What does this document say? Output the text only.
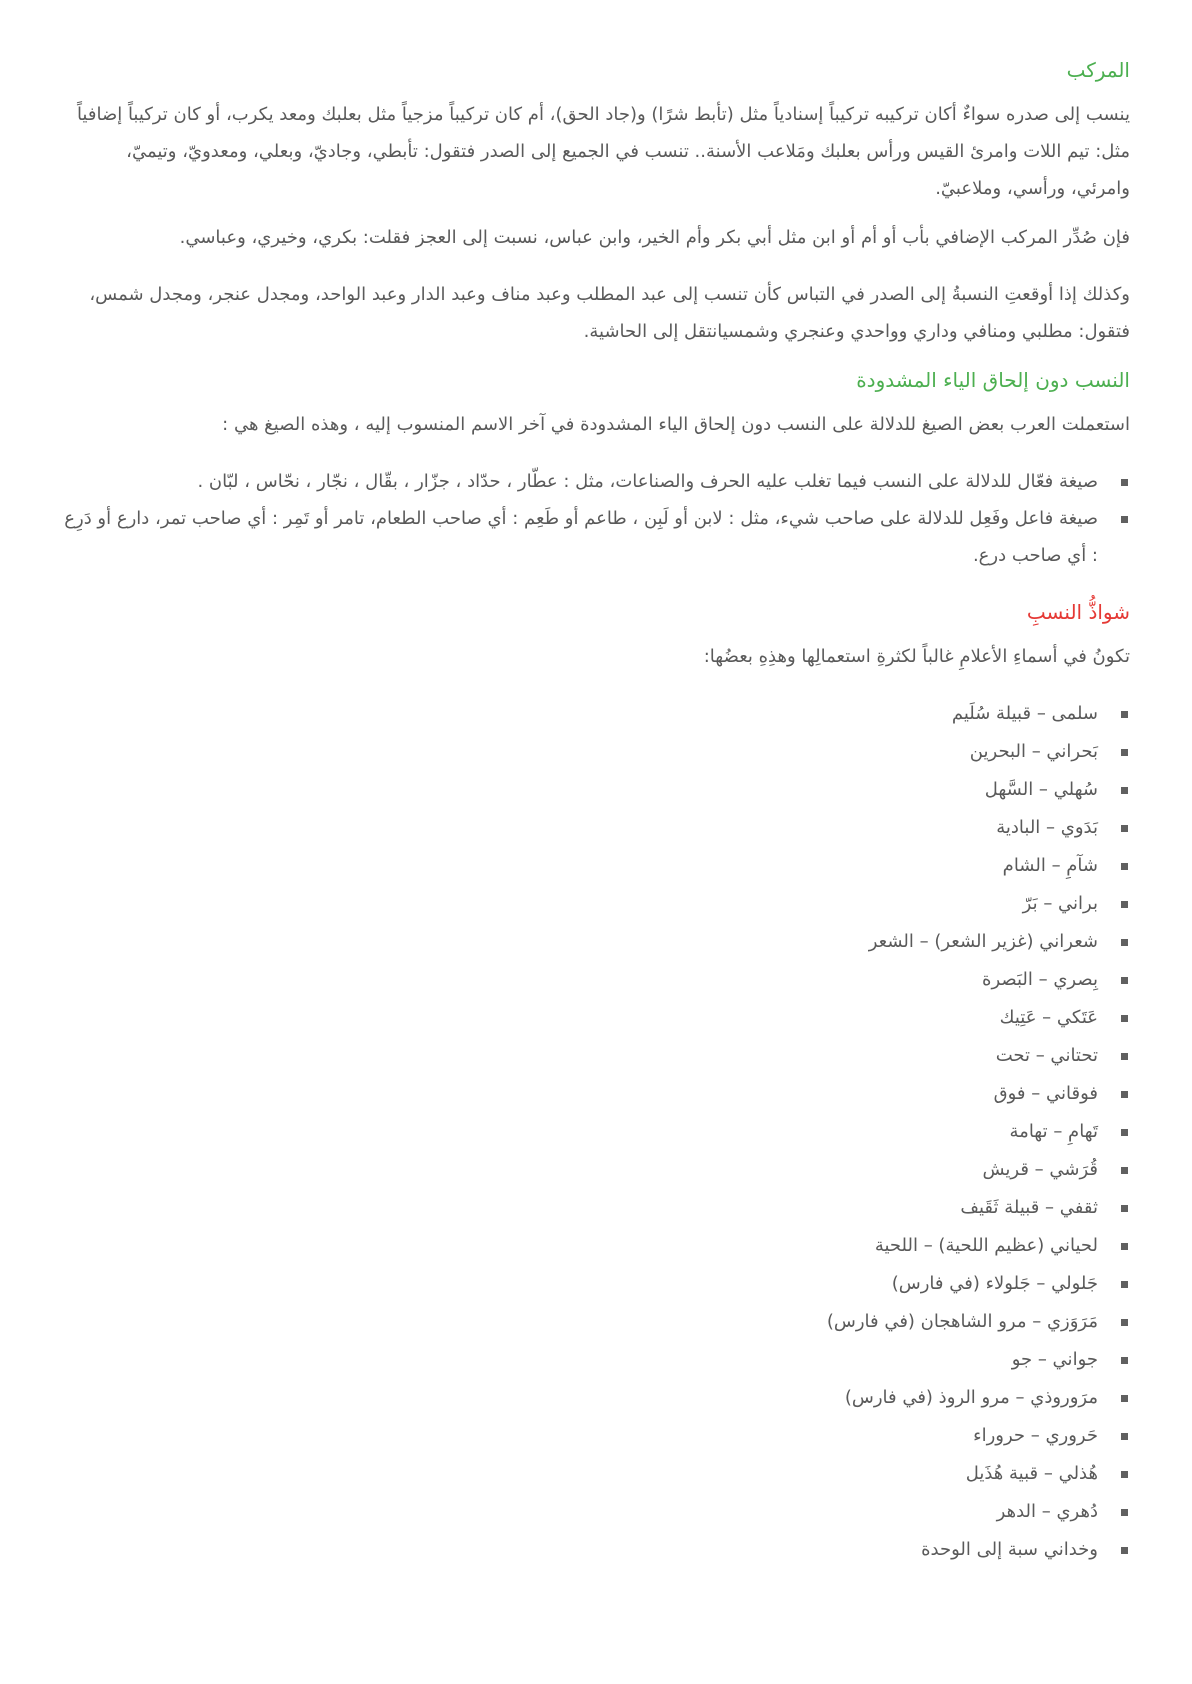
المركب

ينسب إلى صدره سواءٌ أكان تركيبه تركيباً إسنادياً مثل (تأبط شرًا) و(جاد الحق)، أم كان تركيباً مزجياً مثل بعلبك ومعد يكرب، أو كان تركيباً إضافياً مثل: تيم اللات وامرئ القيس ورأس بعلبك ومَلاعب الأسنة.. تنسب في الجميع إلى الصدر فتقول: تأبطي، وجاديّ، وبعلي، ومعدويّ، وتيميّ، وامرئي، ورأسي، وملاعبيّ.

فإن صُدِّر المركب الإضافي بأب أو أم أو ابن مثل أبي بكر وأم الخير، وابن عباس، نسبت إلى العجز فقلت: بكري، وخيري، وعباسي.

وكذلك إذا أوقعتِ النسبةُ إلى الصدر في التباس كأن تنسب إلى عبد المطلب وعبد مناف وعبد الدار وعبد الواحد، ومجدل عنجر، ومجدل شمس، فتقول: مطلبي ومنافي وداري وواحدي وعنجري وشمسيانتقل إلى الحاشية.

النسب دون إلحاق الياء المشدودة

استعملت العرب بعض الصيغ للدلالة على النسب دون إلحاق الياء المشدودة في آخر الاسم المنسوب إليه ، وهذه الصيغ هي :

صيغة فعّال للدلالة على النسب فيما تغلب عليه الحرف والصناعات، مثل : عطّار ، حدّاد ، جزّار ، بقّال ، نجّار ، نحّاس ، لبّان .
صيغة فاعل وفَعِل للدلالة على صاحب شيء، مثل : لابن أو لَبِن ، طاعم أو طَعِم : أي صاحب الطعام، تامر أو تَمِر : أي صاحب تمر، دارع أو دَرِع : أي صاحب درع.
شواذُّ النسبِ

تكونُ في أسماءِ الأعلامِ غالباً لكثرةِ استعمالِها وهذِهِ بعضُها:

سلمى – قبيلة سُلَيم
بَحراني – البحرين
سُهلي – السَّهل
بَدَوي – البادية
شآمِ – الشام
براني – بَرّ
شعراني (غزير الشعر) – الشعر
بِصري – البَصرة
عَتَكي – عَتِيك
تحتاني – تحت
فوقاني – فوق
تَهامِ – تهامة
قُرَشي – قريش
ثقفي – قبيلة ثَقَيف
لحياني (عظيم اللحية) – اللحية
جَلولي – جَلولاء (في فارس)
مَرَوَزي – مرو الشاهجان (في فارس)
جواني – جو
مرَوروذي – مرو الروذ (في فارس)
حَروري – حروراء
هُذلي – قبية هُذَيل
دُهري – الدهر
وخداني سبة إلى الوحدة
